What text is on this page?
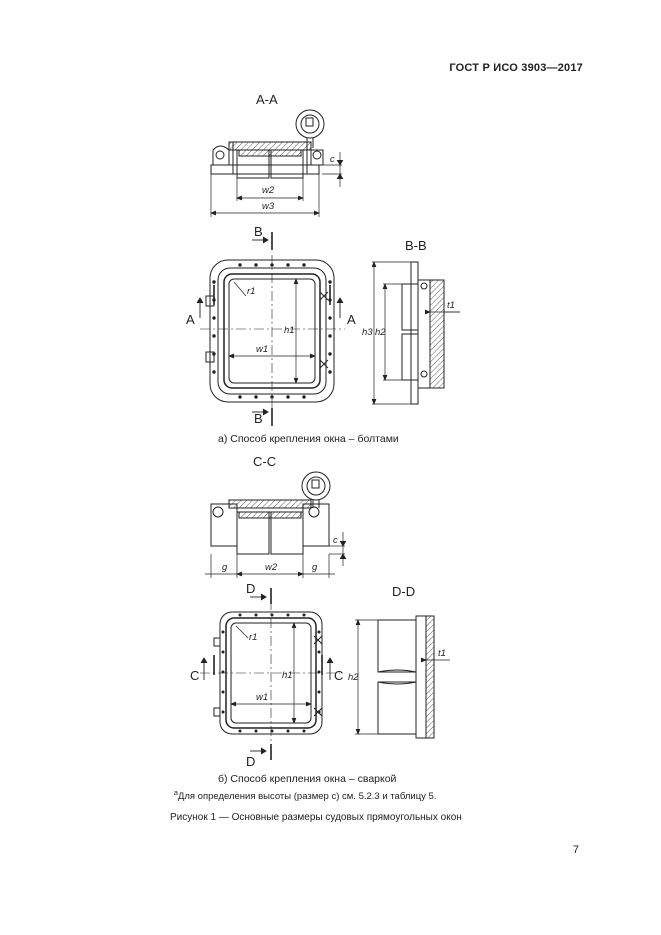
ГОСТ Р ИСО 3903—2017
A-A
B-B
A	A
B
B
C-C
D-D
C	C
D
D
w2
w3
c
w1
h1
r1
h3 h2
t1
g	g
w2
c
w1
h1
r1
h2
t1
а) Способ крепления окна – болтами
б) Способ крепления окна – сваркой
$^a$Для определения высоты (размер с) см. 5.2.3 и таблицу 5.
Рисунок 1 — Основные размеры судовых прямоугольных окон
7
